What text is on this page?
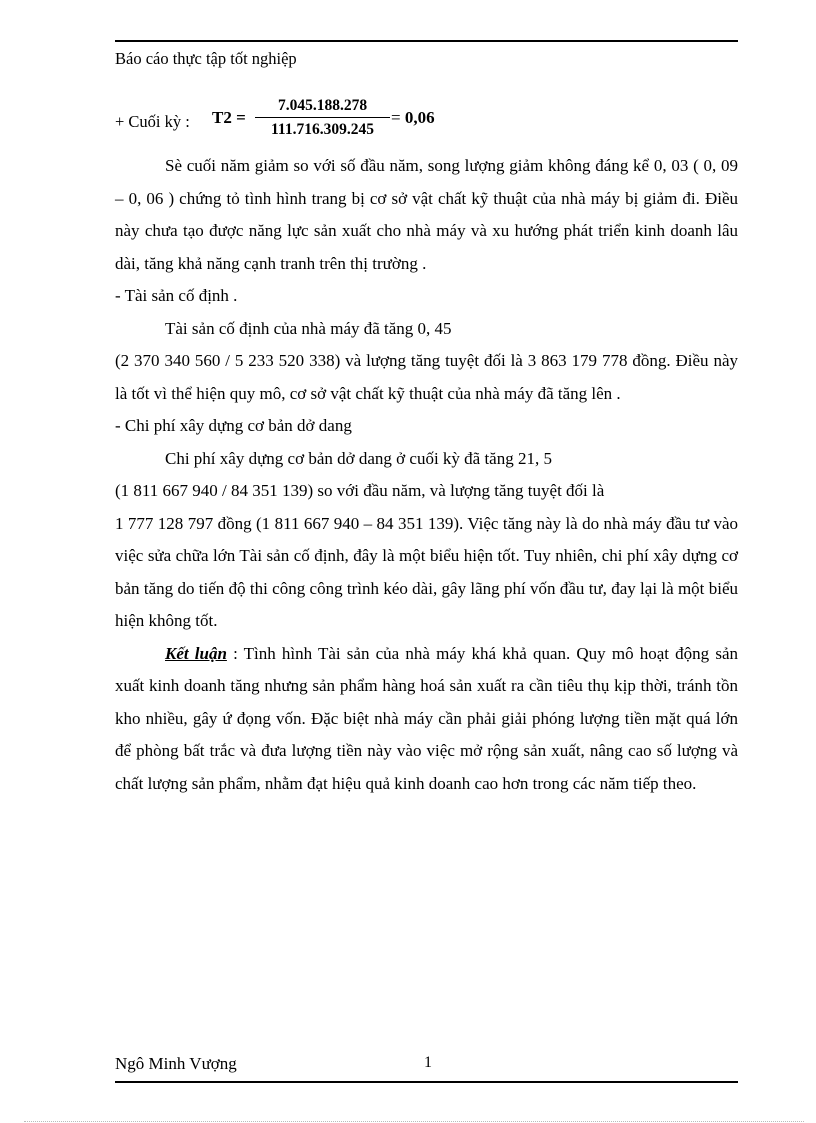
Báo cáo thực tập tốt nghiệp
+ Cuối kỳ : T2 =
7.045.188.278
111.716.309.245
= 0,06

Sè cuối năm giảm so với số đầu năm, song lượng giảm không đáng kể 0, 03 ( 0, 09 – 0, 06 ) chứng tỏ tình hình trang bị cơ sở vật chất kỹ thuật của nhà máy bị giảm đi. Điều này chưa tạo được năng lực sản xuất cho nhà máy và xu hướng phát triển kinh doanh lâu dài, tăng khả năng cạnh tranh trên thị trường .

- Tài sản cố định .

Tài sản cố định của nhà máy đã tăng 0, 45

(2 370 340 560 / 5 233 520 338) và lượng tăng tuyệt đối là 3 863 179 778 đồng. Điều này là tốt vì thể hiện quy mô, cơ sở vật chất kỹ thuật của nhà máy đã tăng lên .

- Chi phí xây dựng cơ bản dở dang

Chi phí xây dựng cơ bản dở dang ở cuối kỳ đã tăng 21, 5

(1 811 667 940 / 84 351 139) so với đầu năm, và lượng tăng tuyệt đối là

1 777 128 797 đồng (1 811 667 940 – 84 351 139). Việc tăng này là do nhà máy đầu tư vào việc sửa chữa lớn Tài sản cố định, đây là một biểu hiện tốt. Tuy nhiên, chi phí xây dựng cơ bản tăng do tiến độ thi công công trình kéo dài, gây lãng phí vốn đầu tư, đay lại là một biểu hiện không tốt.

Kết luận : Tình hình Tài sản của nhà máy khá khả quan. Quy mô hoạt động sản xuất kinh doanh tăng nhưng sản phẩm hàng hoá sản xuất ra cần tiêu thụ kịp thời, tránh tồn kho nhiều, gây ứ đọng vốn. Đặc biệt nhà máy cần phải giải phóng lượng tiền mặt quá lớn để phòng bất trắc và đưa lượng tiền này vào việc mở rộng sản xuất, nâng cao số lượng và chất lượng sản phẩm, nhằm đạt hiệu quả kinh doanh cao hơn trong các năm tiếp theo.

Ngô Minh Vượng	1
